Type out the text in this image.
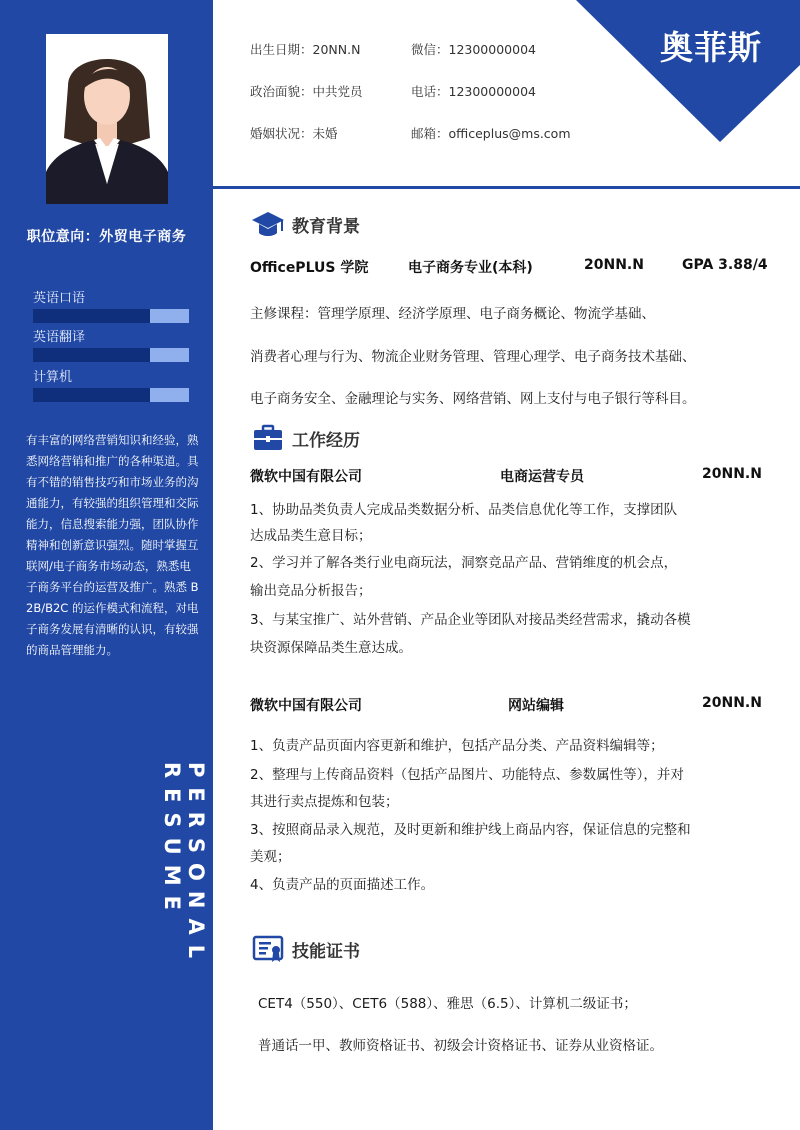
职位意向：外贸电子商务
英语口语
英语翻译
计算机
有丰富的网络营销知识和经验，熟悉网络营销和推广的各种渠道。具有不错的销售技巧和市场业务的沟通能力，有较强的组织管理和交际能力，信息搜索能力强，团队协作精神和创新意识强烈。随时掌握互联网/电子商务市场动态，熟悉电子商务平台的运营及推广。熟悉 B2B/B2C 的运作模式和流程，对电子商务发展有清晰的认识，有较强的商品管理能力。
PERSONAL RESUME
出生日期：20NN.N	微信：12300000004
政治面貌：中共党员	电话：12300000004
婚姻状况：未婚	邮箱：officeplus@ms.com
奥菲斯
教育背景
OfficePLUS 学院	电子商务专业(本科)	20NN.N	GPA 3.88/4
主修课程：管理学原理、经济学原理、电子商务概论、物流学基础、
消费者心理与行为、物流企业财务管理、管理心理学、电子商务技术基础、
电子商务安全、金融理论与实务、网络营销、网上支付与电子银行等科目。
工作经历
微软中国有限公司	电商运营专员	20NN.N
1、协助品类负责人完成品类数据分析、品类信息优化等工作，支撑团队
达成品类生意目标；
2、学习并了解各类行业电商玩法，洞察竞品产品、营销维度的机会点，
输出竞品分析报告；
3、与某宝推广、站外营销、产品企业等团队对接品类经营需求，撬动各模
块资源保障品类生意达成。
微软中国有限公司	网站编辑	20NN.N
1、负责产品页面内容更新和维护，包括产品分类、产品资料编辑等；
2、整理与上传商品资料（包括产品图片、功能特点、参数属性等），并对
其进行卖点提炼和包装；
3、按照商品录入规范，及时更新和维护线上商品内容，保证信息的完整和
美观；
4、负责产品的页面描述工作。
技能证书
CET4（550）、CET6（588）、雅思（6.5）、计算机二级证书；
普通话一甲、教师资格证书、初级会计资格证书、证券从业资格证。
